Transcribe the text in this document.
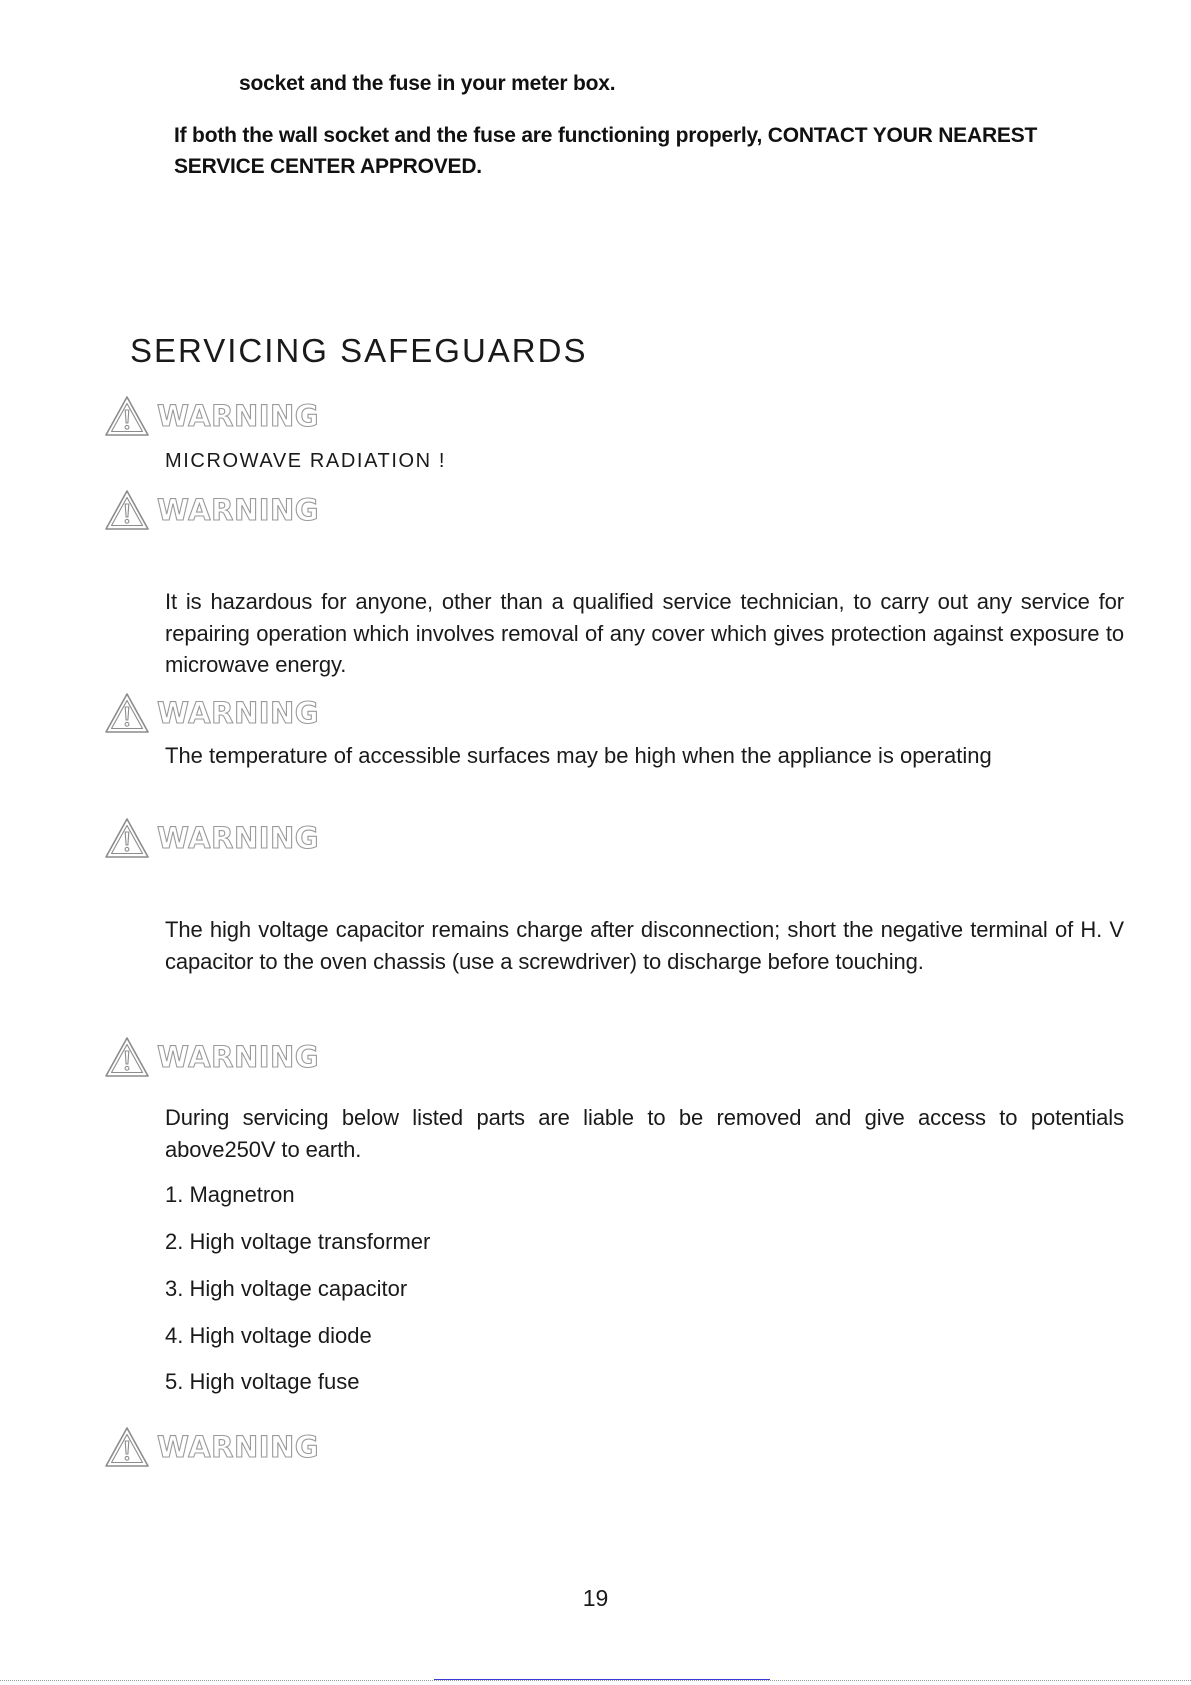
socket and the fuse in your meter box.
If both the wall socket and the fuse are functioning properly, CONTACT YOUR NEAREST SERVICE CENTER APPROVED.
SERVICING SAFEGUARDS
WARNING
MICROWAVE RADIATION !
WARNING
It is hazardous for anyone, other than a qualified service technician, to carry out any service for repairing operation which involves removal of any cover which gives protection against exposure to microwave energy.
WARNING
The temperature of accessible surfaces may be high when the appliance is operating
WARNING
The high voltage capacitor remains charge after disconnection; short the negative terminal of H. V capacitor to the oven chassis (use a screwdriver) to discharge before touching.
WARNING
During servicing below listed parts are liable to be removed and give access to potentials above250V to earth.
1. Magnetron
2. High voltage transformer
3. High voltage capacitor
4. High voltage diode
5. High voltage fuse
WARNING
19
